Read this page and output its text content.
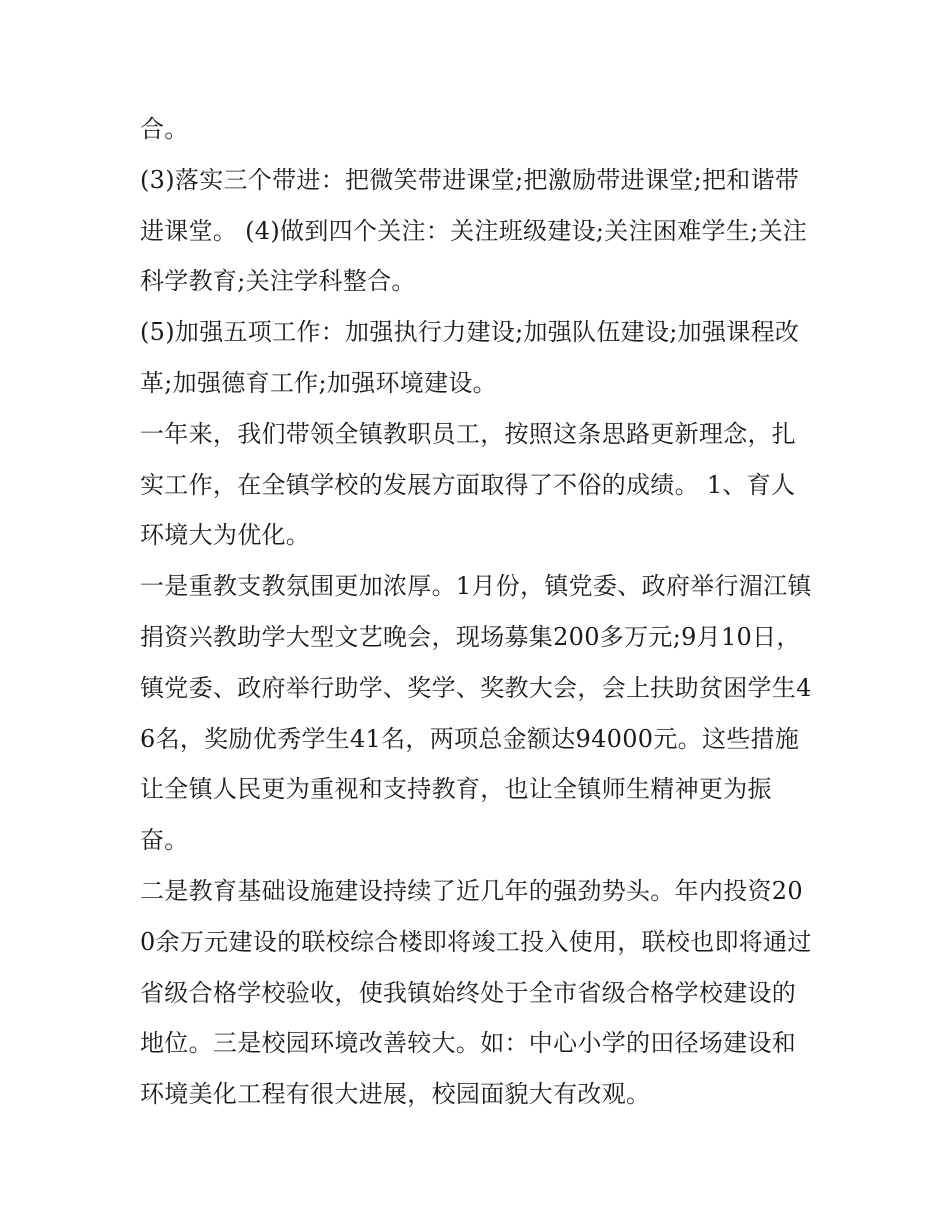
合。

(3)落实三个带进：把微笑带进课堂;把激励带进课堂;把和谐带进课堂。 (4)做到四个关注：关注班级建设;关注困难学生;关注科学教育;关注学科整合。

(5)加强五项工作：加强执行力建设;加强队伍建设;加强课程改革;加强德育工作;加强环境建设。

一年来，我们带领全镇教职员工，按照这条思路更新理念，扎实工作，在全镇学校的发展方面取得了不俗的成绩。 1、育人环境大为优化。

一是重教支教氛围更加浓厚。1月份，镇党委、政府举行湄江镇捐资兴教助学大型文艺晚会，现场募集200多万元;9月10日，镇党委、政府举行助学、奖学、奖教大会，会上扶助贫困学生46名，奖励优秀学生41名，两项总金额达94000元。这些措施让全镇人民更为重视和支持教育，也让全镇师生精神更为振奋。

二是教育基础设施建设持续了近几年的强劲势头。年内投资200余万元建设的联校综合楼即将竣工投入使用，联校也即将通过省级合格学校验收，使我镇始终处于全市省级合格学校建设的地位。三是校园环境改善较大。如：中心小学的田径场建设和环境美化工程有很大进展，校园面貌大有改观。
